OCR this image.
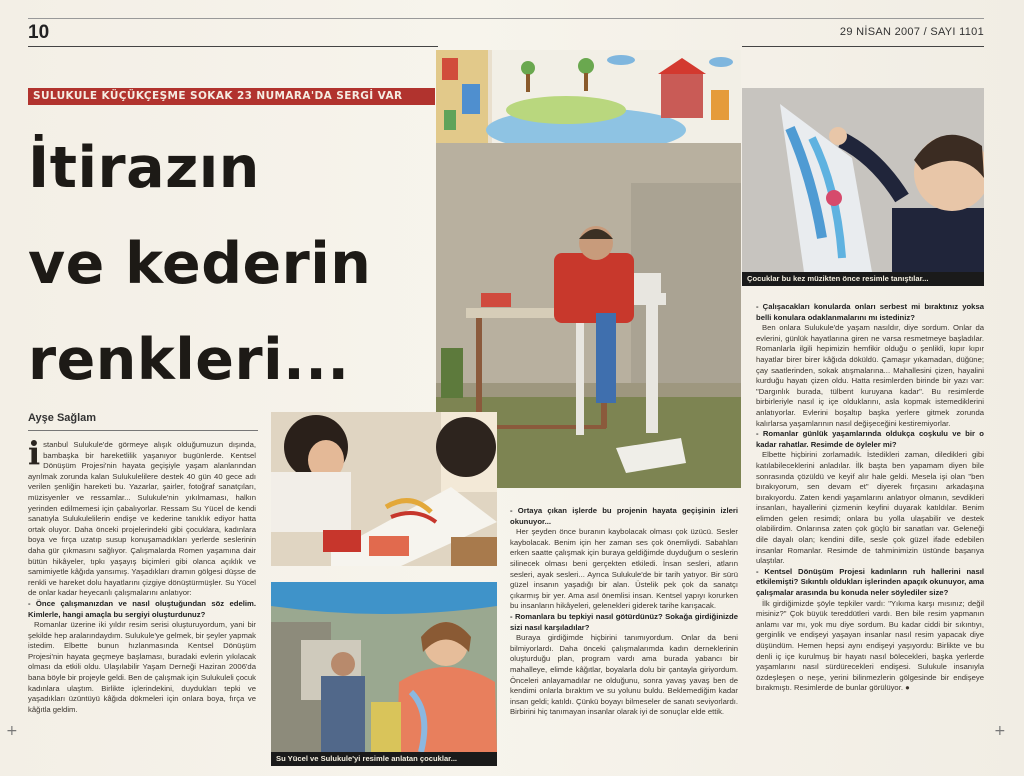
10	29 NİSAN 2007 / SAYI 1101
SULUKULE KÜÇÜKÇEŞME SOKAK 23 NUMARA'DA SERGİ VAR
İtirazın
ve kederin
renkleri...
Ayşe Sağlam
i stanbul Sulukule'de görmeye alışık olduğumuzun dışında, bambaşka bir hareketlilik yaşanıyor bugünlerde. Kentsel Dönüşüm Projesi'nin hayata geçişiyle yaşam alanlarından ayrılmak zorunda kalan Sulukulelilere destek 40 gün 40 gece adı verilen şenliğin hareketi bu. Yazarlar, şairler, fotoğraf sanatçıları, müzisyenler ve ressamlar... Sulukule'nin yıkılmaması, halkın yerinden edilmemesi için çabalıyorlar. Ressam Su Yücel de kendi sanatıyla Sulukulelilerin endişe ve kederine tanıklık ediyor hatta ortak oluyor. Daha önceki projelerindeki gibi çocuklara, kadınlara boya ve fırça uzatıp susup konuşamadıkları yerlerde seslerinin daha gür çıkmasını sağlıyor. Çalışmalarda Romen yaşamına dair bütün hikâyeler, tıpkı yaşayış biçimleri gibi olanca açıklık ve samimiyetle kâğıda yansımış. Yaşadıkları dramın gölgesi düşse de renkli ve hareket dolu hayatlarını çizgiye dönüştürmüşler. Su Yücel de onlar kadar heyecanlı çalışmalarını anlatıyor:

- Önce çalışmanızdan ve nasıl oluştuğundan söz edelim. Kimlerle, hangi amaçla bu sergiyi oluşturdunuz?

Romanlar üzerine iki yıldır resim serisi oluşturuyordum, yani bir şekilde hep aralarındaydım. Sulukule'ye gelmek, bir şeyler yapmak istedim. Elbette bunun hızlanmasında Kentsel Dönüşüm Projesi'nin hayata geçmeye başlaması, buradaki evlerin yıkılacak olması da etkili oldu. Ulaşılabilir Yaşam Derneği Haziran 2006'da bana böyle bir projeyle geldi. Ben de çalışmak için Sulukuleli çocuk kadınlara ulaştım. Birlikte içlerindekini, duydukları tepki ve yaşadıkları üzüntüyü kâğıda dökmeleri için onlara boya, fırça ve kâğıtla geldim.

Çocuklar bu kez müzikten önce resimle tanıştılar...
Su Yücel ve Sulukule'yi resimle anlatan çocuklar...

- Ortaya çıkan işlerde bu projenin hayata geçişinin izleri okunuyor...

Her şeyden önce buranın kaybolacak olması çok üzücü. Sesler kaybolacak. Benim için her zaman ses çok önemliydi. Sabahları erken saatte çalışmak için buraya geldiğimde duyduğum o seslerin silinecek olması beni gerçekten etkiledi. İnsan sesleri, atların sesleri, ayak sesleri... Ayrıca Sulukule'de bir tarih yatıyor. Bir sürü güzel insanın yaşadığı bir alan. Üstelik pek çok da sanatçı çıkarmış bir yer. Ama asıl önemlisi insan. Kentsel yapıyı korurken bu insanların hikâyeleri, gelenekleri giderek tarihe karışacak.

- Romanlara bu tepkiyi nasıl götürdünüz? Sokağa girdiğinizde sizi nasıl karşıladılar?

Buraya girdiğimde hiçbirini tanımıyordum. Onlar da beni bilmiyorlardı. Daha önceki çalışmalarımda kadın derneklerinin oluşturduğu plan, program vardı ama burada yabancı bir mahalleye, elimde kâğıtlar, boyalarla dolu bir çantayla giriyordum. Önceleri anlayamadılar ne olduğunu, sonra yavaş yavaş ben de kendimi onlarla bıraktım ve su yolunu buldu. Beklemediğim kadar insan geldi; katıldı. Çünkü boyayı bilmeseler de sanatı seviyorlardı. Birbirini hiç tanımayan insanlar olarak iyi de sonuçlar elde ettik.

- Çalışacakları konularda onları serbest mi bıraktınız yoksa belli konulara odaklanmalarını mı istediniz?

Ben onlara Sulukule'de yaşam nasıldır, diye sordum. Onlar da evlerini, günlük hayatlarına giren ne varsa resmetmeye başladılar. Romanlarla ilgili hepimizin hemfikir olduğu o şenlikli, kıpır kıpır hayatlar birer birer kâğıda döküldü. Çamaşır yıkamadan, düğüne; çay saatlerinden, sokak atışmalarına... Mahallesini çizen, hayalini kurduğu hayatı çizen oldu. Hatta resimlerden birinde bir yazı var: "Dargınlık burada, tülbent kuruyana kadar". Bu resimlerde birbirleriyle nasıl iç içe olduklarını, asla kopmak istemediklerini anlatıyorlar. Evlerini boşaltıp başka yerlere gitmek zorunda kalırlarsa yaşamlarının nasıl değişeceğini kestiremiyorlar.

- Romanlar günlük yaşamlarında oldukça coşkulu ve bir o kadar rahatlar. Resimde de öyleler mi?

Elbette hiçbirini zorlamadık. İstedikleri zaman, diledikleri gibi katılabileceklerini anladılar. İlk başta ben yapamam diyen bile sonrasında çözüldü ve keyif alır hale geldi. Mesela işi olan "ben bırakıyorum, sen devam et" diyerek fırçasını arkadaşına bırakıyordu. Zaten kendi yaşamlarını anlatıyor olmanın, sevdikleri insanları, hayallerini çizmenin keyfini duyarak katıldılar. Benim elimden gelen resimdi; onlara bu yolla ulaşabilir ve destek olabilirdim. Onlarınsa zaten çok güçlü bir sanatları var. Geleneği dile dayalı olan; kendini dille, sesle çok güzel ifade edebilen insanlar Romanlar. Resimde de tahminimizin üstünde başarıya ulaştılar.

- Kentsel Dönüşüm Projesi kadınların ruh hallerini nasıl etkilemişti? Sıkıntılı oldukları işlerinden apaçık okunuyor, ama çalışmalar arasında bu konuda neler söylediler size?

İlk girdiğimizde şöyle tepkiler vardı: "Yıkıma karşı mısınız; değil misiniz?" Çok büyük tereddütleri vardı. Ben bile resim yapmanın anlamı var mı, yok mu diye sordum. Bu kadar ciddi bir sıkıntıyı, gerginlik ve endişeyi yaşayan insanlar nasıl resim yapacak diye düşündüm. Hemen hepsi aynı endişeyi yaşıyordu: Birlikte ve bu denli iç içe kurulmuş bir hayatı nasıl bölecekleri, başka yerlerde yaşamlarını nasıl sürdürecekleri endişesi. Sulukule insanıyla özdeşleşen o neşe, yerini bilinmezlerin gölgesinde bir endişeye bırakmıştı. Resimlerde de bunlar görülüyor. ●

+	+
